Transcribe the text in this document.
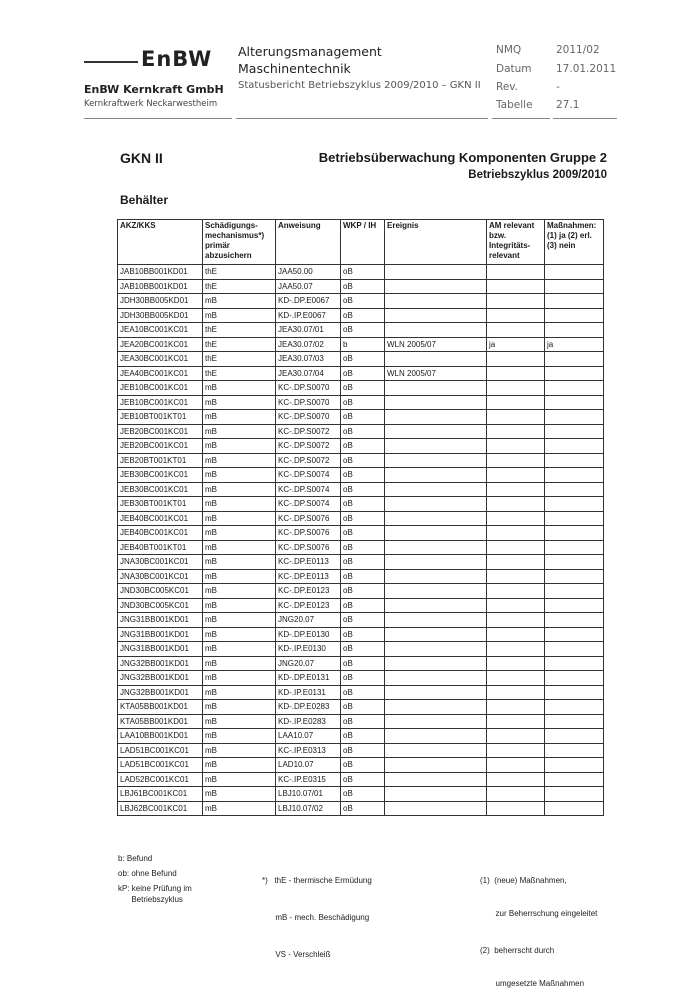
EnBW
EnBW Kernkraft GmbH
Kernkraftwerk Neckarwestheim
Alterungsmanagement
Maschinentechnik
Statusbericht Betriebszyklus 2009/2010 – GKN II
NMQ	2011/02
Datum 17.01.2011
Rev.	-
Tabelle 27.1
GKN II	Betriebsüberwachung Komponenten Gruppe 2
Betriebszyklus 2009/2010
Behälter
AKZ/KKS	Schädigungs-mechanismus*) primär abzusichern	Anweisung	WKP / IH	Ereignis	AM relevant bzw. Integritäts-relevant	Maßnahmen: (1) ja (2) erl. (3) nein
JAB10BB001KD01	thE	JAA50.00	oB			
JAB10BB001KD01	thE	JAA50.07	oB			
JDH30BB005KD01	mB	KD-.DP.E0067	oB			
JDH30BB005KD01	mB	KD-.IP.E0067	oB			
JEA10BC001KC01	thE	JEA30.07/01	oB			
JEA20BC001KC01	thE	JEA30.07/02	b	WLN 2005/07	ja	ja
JEA30BC001KC01	thE	JEA30.07/03	oB			
JEA40BC001KC01	thE	JEA30.07/04	oB	WLN 2005/07		
JEB10BC001KC01	mB	KC-.DP.S0070	oB			
JEB10BC001KC01	mB	KC-.DP.S0070	oB			
JEB10BT001KT01	mB	KC-.DP.S0070	oB			
JEB20BC001KC01	mB	KC-.DP.S0072	oB			
JEB20BC001KC01	mB	KC-.DP.S0072	oB			
JEB20BT001KT01	mB	KC-.DP.S0072	oB			
JEB30BC001KC01	mB	KC-.DP.S0074	oB			
JEB30BC001KC01	mB	KC-.DP.S0074	oB			
JEB30BT001KT01	mB	KC-.DP.S0074	oB			
JEB40BC001KC01	mB	KC-.DP.S0076	oB			
JEB40BC001KC01	mB	KC-.DP.S0076	oB			
JEB40BT001KT01	mB	KC-.DP.S0076	oB			
JNA30BC001KC01	mB	KC-.DP.E0113	oB			
JNA30BC001KC01	mB	KC-.DP.E0113	oB			
JND30BC005KC01	mB	KC-.DP.E0123	oB			
JND30BC005KC01	mB	KC-.DP.E0123	oB			
JNG31BB001KD01	mB	JNG20.07	oB			
JNG31BB001KD01	mB	KD-.DP.E0130	oB			
JNG31BB001KD01	mB	KD-.IP.E0130	oB			
JNG32BB001KD01	mB	JNG20.07	oB			
JNG32BB001KD01	mB	KD-.DP.E0131	oB			
JNG32BB001KD01	mB	KD-.IP.E0131	oB			
KTA05BB001KD01	mB	KD-.DP.E0283	oB			
KTA05BB001KD01	mB	KD-.IP.E0283	oB			
LAA10BB001KD01	mB	LAA10.07	oB			
LAD51BC001KC01	mB	KC-.IP.E0313	oB			
LAD51BC001KC01	mB	LAD10.07	oB			
LAD52BC001KC01	mB	KC-.IP.E0315	oB			
LBJ61BC001KC01	mB	LBJ10.07/01	oB			
LBJ62BC001KC01	mB	LBJ10.07/02	oB			
b: Befund
ob: ohne Befund
kP: keine Prüfung im
Betriebszyklus

*)   thE - thermische Ermüdung

mB - mech. Beschädigung

VS - Verschleiß

(1)  (neue) Maßnahmen,

zur Beherrschung eingeleitet

(2)  beherrscht durch

umgesetzte Maßnahmen
